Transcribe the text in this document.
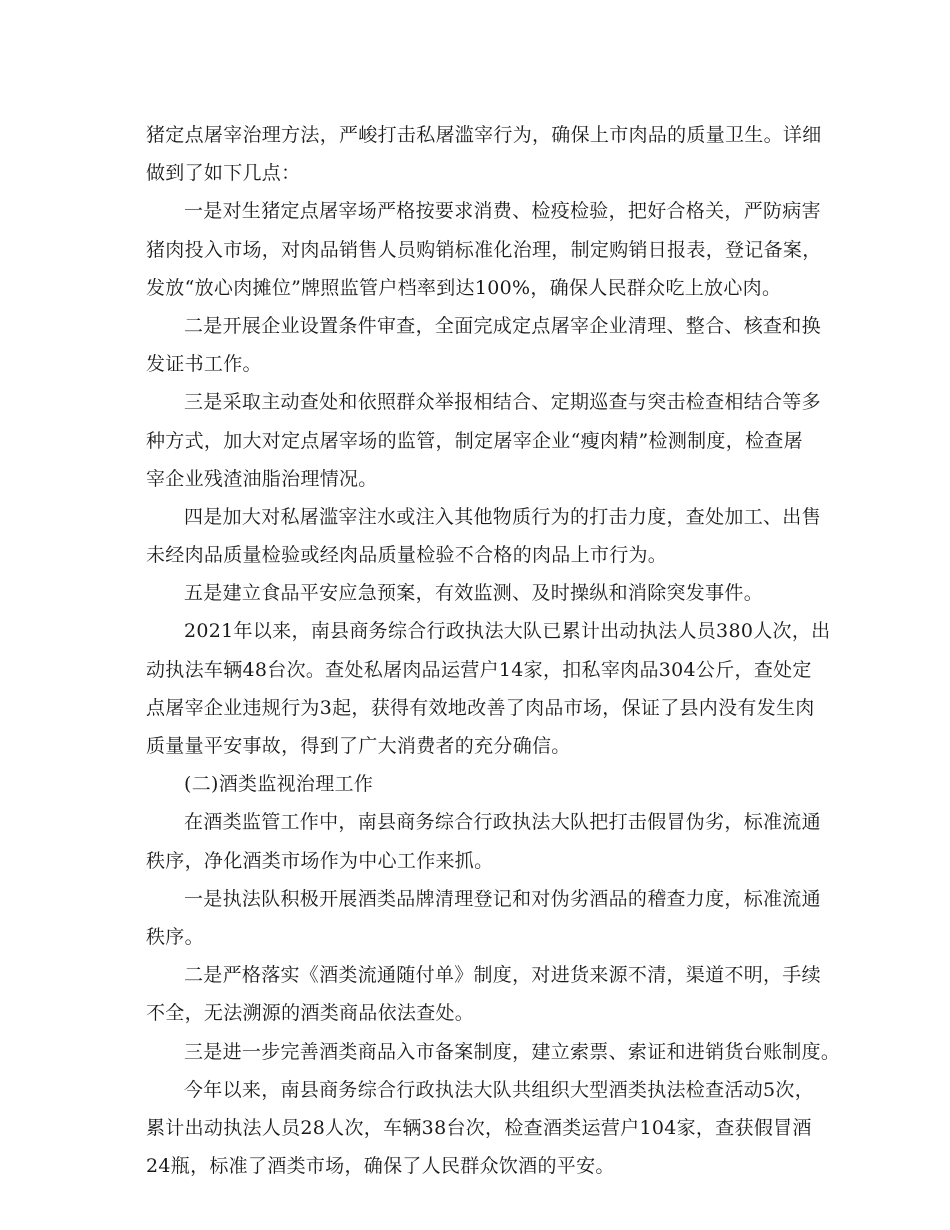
猪定点屠宰治理方法，严峻打击私屠滥宰行为，确保上市肉品的质量卫生。详细
做到了如下几点：
一是对生猪定点屠宰场严格按要求消费、检疫检验，把好合格关，严防病害
猪肉投入市场，对肉品销售人员购销标准化治理，制定购销日报表，登记备案，
发放“放心肉摊位”牌照监管户档率到达100%，确保人民群众吃上放心肉。
二是开展企业设置条件审查，全面完成定点屠宰企业清理、整合、核查和换
发证书工作。
三是采取主动查处和依照群众举报相结合、定期巡查与突击检查相结合等多
种方式，加大对定点屠宰场的监管，制定屠宰企业“瘦肉精”检测制度，检查屠
宰企业残渣油脂治理情况。
四是加大对私屠滥宰注水或注入其他物质行为的打击力度，查处加工、出售
未经肉品质量检验或经肉品质量检验不合格的肉品上市行为。
五是建立食品平安应急预案，有效监测、及时操纵和消除突发事件。
2021年以来，南县商务综合行政执法大队已累计出动执法人员380人次，出
动执法车辆48台次。查处私屠肉品运营户14家，扣私宰肉品304公斤，查处定
点屠宰企业违规行为3起，获得有效地改善了肉品市场，保证了县内没有发生肉
质量量平安事故，得到了广大消费者的充分确信。
(二)酒类监视治理工作
在酒类监管工作中，南县商务综合行政执法大队把打击假冒伪劣，标准流通
秩序，净化酒类市场作为中心工作来抓。
一是执法队积极开展酒类品牌清理登记和对伪劣酒品的稽查力度，标准流通
秩序。
二是严格落实《酒类流通随付单》制度，对进货来源不清，渠道不明，手续
不全，无法溯源的酒类商品依法查处。
三是进一步完善酒类商品入市备案制度，建立索票、索证和进销货台账制度。
今年以来，南县商务综合行政执法大队共组织大型酒类执法检查活动5次，
累计出动执法人员28人次，车辆38台次，检查酒类运营户104家，查获假冒酒
24瓶，标准了酒类市场，确保了人民群众饮酒的平安。
